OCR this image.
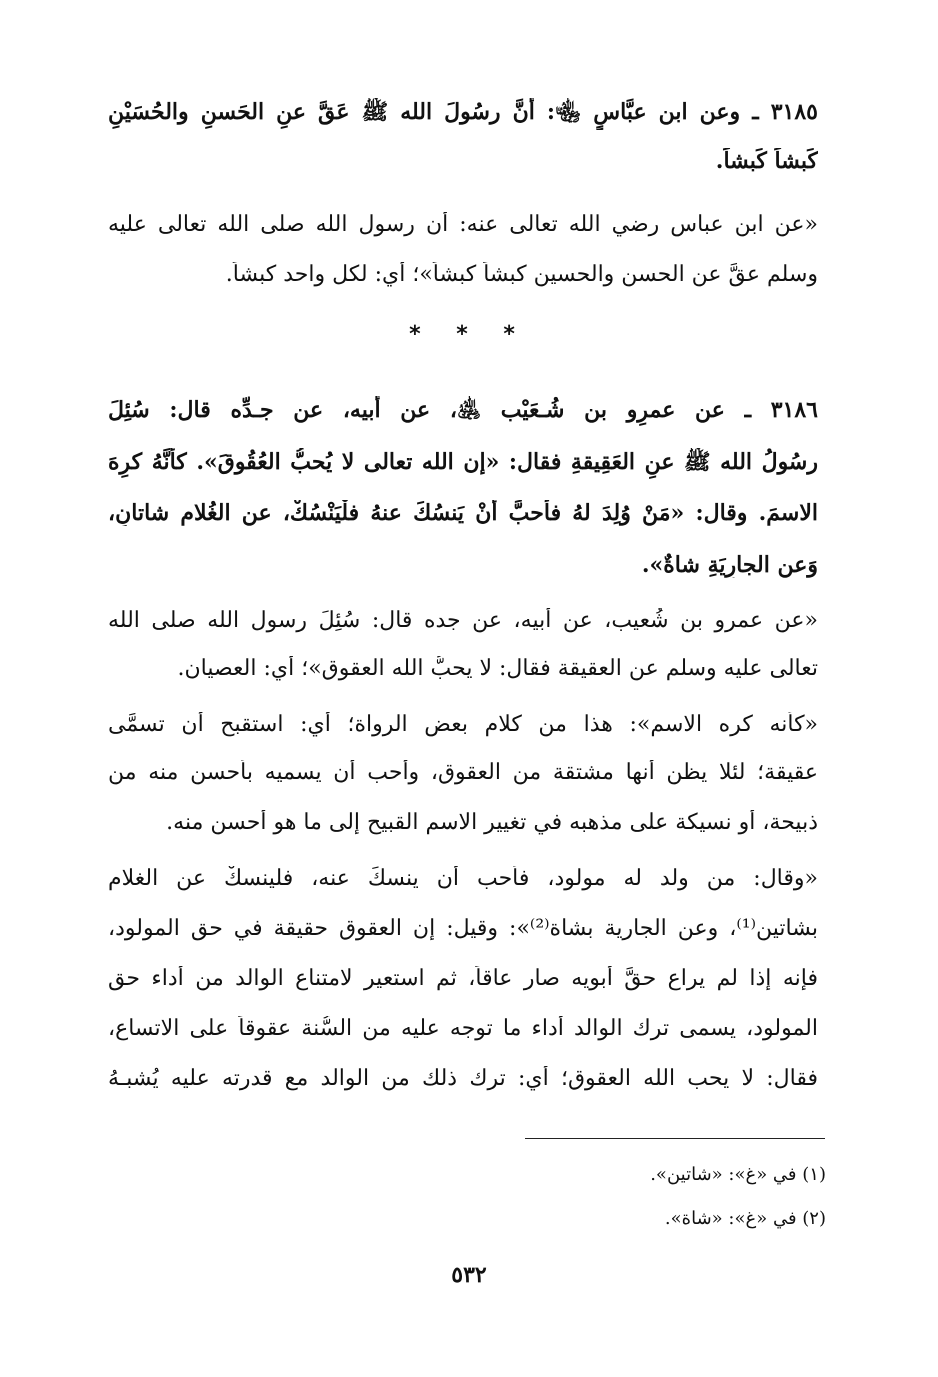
٣١٨٥ ـ وعن ابن عبَّاسٍ ﵄: أنَّ رسُولَ الله ﷺ عَقَّ عنِ الحَسنِ والحُسَيْنِ
كَبشاً كَبشاً.
«عن ابن عباس رضي الله تعالى عنه: أن رسول الله صلى الله تعالى عليه
وسلم عقَّ عن الحسن والحسين كبشاً كبشاً»؛ أي: لكل واحد كبشاً.
* * *
٣١٨٦ ـ عن عمرِو بن شُـعَيْب ﵁، عن أبيه، عن جـدِّه قال: سُئِلَ
رسُولُ الله ﷺ عنِ العَقِيقةِ فقال: «إن الله تعالى لا يُحبُّ العُقُوقَ». كأنَّهُ كرِهَ
الاسمَ. وقال: «مَنْ وُلِدَ لهُ فأَحبَّ أنْ يَنسُكَ عنهُ فلْيَنْسُكْ، عنِ الغُلامِ شاتانِ،
وَعنِ الجارِيَةِ شاةٌ».
«عن عمرو بن شُعيب، عن أبيه، عن جده قال: سُئِلَ رسول الله صلى الله
تعالى عليه وسلم عن العقيقة فقال: لا يحبُّ الله العقوق»؛ أي: العصيان.
«كأنه كره الاسم»: هذا من كلام بعض الرواة؛ أي: استقبح أن تسمَّى
عقيقة؛ لئلا يظن أنها مشتقة من العقوق، وأحب أن يسميه بأحسن منه من
ذبيحة، أو نسيكة على مذهبه في تغيير الاسم القبيح إلى ما هو أحسن منه.
«وقال: من ولد له مولود، فأحب أن ينسكَ عنه، فلينسكْ عن الغلام
بشاتين⁽¹⁾، وعن الجارية بشاة⁽²⁾»: وقيل: إن العقوق حقيقة في حق المولود،
فإنه إذا لم يراعِ حقَّ أبويه صار عاقاً، ثم استعير لامتناع الوالد من أداء حق
المولود، يسمى ترك الوالد أداء ما توجه عليه من السُّنة عقوقاً على الاتساع،
فقال: لا يحب الله العقوق؛ أي: ترك ذلك من الوالد مع قدرته عليه يُشبـهُ
(١) في «غ»: «شاتين».
(٢) في «غ»: «شاة».
٥٣٢
